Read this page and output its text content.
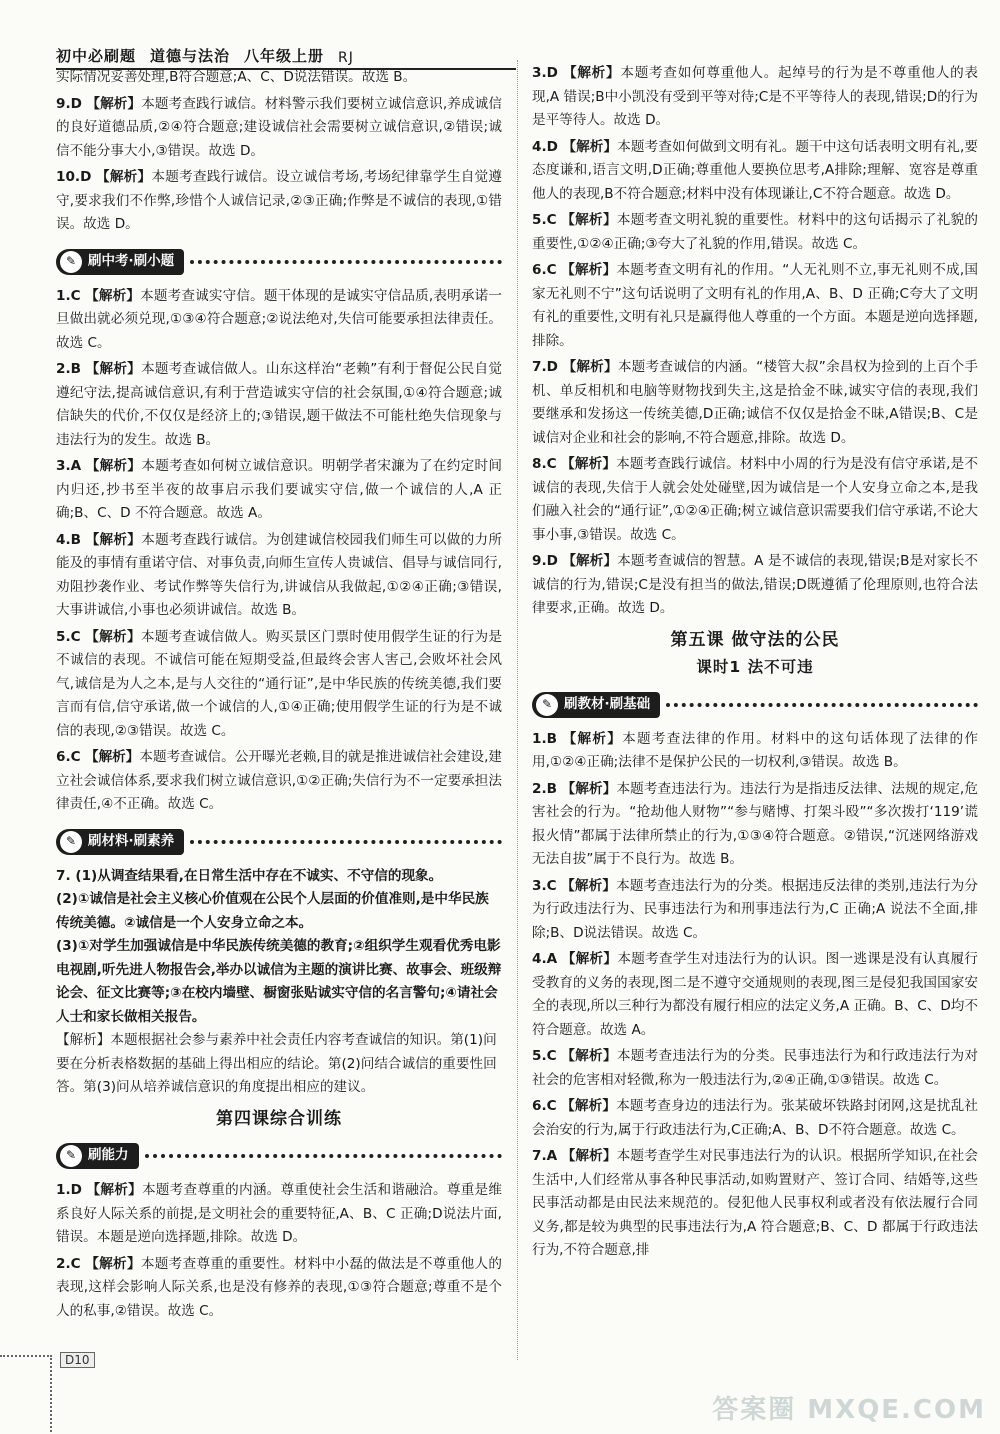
初中必刷题 道德与法治 八年级上册 RJ

实际情况妥善处理,B符合题意;A、C、D说法错误。故选 B。

9.D 【解析】本题考查践行诚信。材料警示我们要树立诚信意识,养成诚信的良好道德品质,②④符合题意;建设诚信社会需要树立诚信意识,②错误;诚信不能分事大小,③错误。故选 D。

10.D 【解析】本题考查践行诚信。设立诚信考场,考场纪律靠学生自觉遵守,要求我们不作弊,珍惜个人诚信记录,②③正确;作弊是不诚信的表现,①错误。故选 D。

✎ 刷中考·刷小题

1.C 【解析】本题考查诚实守信。题干体现的是诚实守信品质,表明承诺一旦做出就必须兑现,①③④符合题意;②说法绝对,失信可能要承担法律责任。故选 C。

2.B 【解析】本题考查诚信做人。山东这样治“老赖”有利于督促公民自觉遵纪守法,提高诚信意识,有利于营造诚实守信的社会氛围,①④符合题意;诚信缺失的代价,不仅仅是经济上的;③错误,题干做法不可能杜绝失信现象与违法行为的发生。故选 B。

3.A 【解析】本题考查如何树立诚信意识。明朝学者宋濂为了在约定时间内归还,抄书至半夜的故事启示我们要诚实守信,做一个诚信的人,A 正确;B、C、D 不符合题意。故选 A。

4.B 【解析】本题考查践行诚信。为创建诚信校园我们师生可以做的力所能及的事情有重诺守信、对事负责,向师生宣传人贵诚信、倡导与诚信同行,劝阻抄袭作业、考试作弊等失信行为,讲诚信从我做起,①②④正确;③错误,大事讲诚信,小事也必须讲诚信。故选 B。

5.C 【解析】本题考查诚信做人。购买景区门票时使用假学生证的行为是不诚信的表现。不诚信可能在短期受益,但最终会害人害己,会败坏社会风气,诚信是为人之本,是与人交往的“通行证”,是中华民族的传统美德,我们要言而有信,信守承诺,做一个诚信的人,①④正确;使用假学生证的行为是不诚信的表现,②③错误。故选 C。

6.C 【解析】本题考查诚信。公开曝光老赖,目的就是推进诚信社会建设,建立社会诚信体系,要求我们树立诚信意识,①②正确;失信行为不一定要承担法律责任,④不正确。故选 C。

✎ 刷材料·刷素养

7. (1)从调查结果看,在日常生活中存在不诚实、不守信的现象。

(2)①诚信是社会主义核心价值观在公民个人层面的价值准则,是中华民族传统美德。②诚信是一个人安身立命之本。

(3)①对学生加强诚信是中华民族传统美德的教育;②组织学生观看优秀电影电视剧,听先进人物报告会,举办以诚信为主题的演讲比赛、故事会、班级辩论会、征文比赛等;③在校内墙壁、橱窗张贴诚实守信的名言警句;④请社会人士和家长做相关报告。

【解析】本题根据社会参与素养中社会责任内容考查诚信的知识。第(1)问要在分析表格数据的基础上得出相应的结论。第(2)问结合诚信的重要性回答。第(3)问从培养诚信意识的角度提出相应的建议。

第四课综合训练
✎ 刷能力

1.D 【解析】本题考查尊重的内涵。尊重使社会生活和谐融洽。尊重是维系良好人际关系的前提,是文明社会的重要特征,A、B、C 正确;D说法片面,错误。本题是逆向选择题,排除。故选 D。

2.C 【解析】本题考查尊重的重要性。材料中小磊的做法是不尊重他人的表现,这样会影响人际关系,也是没有修养的表现,①③符合题意;尊重不是个人的私事,②错误。故选 C。

3.D 【解析】本题考查如何尊重他人。起绰号的行为是不尊重他人的表现,A 错误;B中小凯没有受到平等对待;C是不平等待人的表现,错误;D的行为是平等待人。故选 D。

4.D 【解析】本题考查如何做到文明有礼。题干中这句话表明文明有礼,要态度谦和,语言文明,D正确;尊重他人要换位思考,A排除;理解、宽容是尊重他人的表现,B不符合题意;材料中没有体现谦让,C不符合题意。故选 D。

5.C 【解析】本题考查文明礼貌的重要性。材料中的这句话揭示了礼貌的重要性,①②④正确;③夸大了礼貌的作用,错误。故选 C。

6.C 【解析】本题考查文明有礼的作用。“人无礼则不立,事无礼则不成,国家无礼则不宁”这句话说明了文明有礼的作用,A、B、D 正确;C夸大了文明有礼的重要性,文明有礼只是赢得他人尊重的一个方面。本题是逆向选择题,排除。

7.D 【解析】本题考查诚信的内涵。“楼管大叔”余昌权为捡到的上百个手机、单反相机和电脑等财物找到失主,这是拾金不昧,诚实守信的表现,我们要继承和发扬这一传统美德,D正确;诚信不仅仅是拾金不昧,A错误;B、C是诚信对企业和社会的影响,不符合题意,排除。故选 D。

8.C 【解析】本题考查践行诚信。材料中小周的行为是没有信守承诺,是不诚信的表现,失信于人就会处处碰壁,因为诚信是一个人安身立命之本,是我们融入社会的“通行证”,①②④正确;树立诚信意识需要我们信守承诺,不论大事小事,③错误。故选 C。

9.D 【解析】本题考查诚信的智慧。A 是不诚信的表现,错误;B是对家长不诚信的行为,错误;C是没有担当的做法,错误;D既遵循了伦理原则,也符合法律要求,正确。故选 D。

第五课 做守法的公民
课时1 法不可违
✎ 刷教材·刷基础

1.B 【解析】本题考查法律的作用。材料中的这句话体现了法律的作用,①②④正确;法律不是保护公民的一切权利,③错误。故选 B。

2.B 【解析】本题考查违法行为。违法行为是指违反法律、法规的规定,危害社会的行为。“抢劫他人财物”“参与赌博、打架斗殴”“多次拨打‘119’谎报火情”都属于法律所禁止的行为,①③④符合题意。②错误,“沉迷网络游戏无法自拔”属于不良行为。故选 B。

3.C 【解析】本题考查违法行为的分类。根据违反法律的类别,违法行为分为行政违法行为、民事违法行为和刑事违法行为,C 正确;A 说法不全面,排除;B、D说法错误。故选 C。

4.A 【解析】本题考查学生对违法行为的认识。图一逃课是没有认真履行受教育的义务的表现,图二是不遵守交通规则的表现,图三是侵犯我国国家安全的表现,所以三种行为都没有履行相应的法定义务,A 正确。B、C、D均不符合题意。故选 A。

5.C 【解析】本题考查违法行为的分类。民事违法行为和行政违法行为对社会的危害相对轻微,称为一般违法行为,②④正确,①③错误。故选 C。

6.C 【解析】本题考查身边的违法行为。张某破坏铁路封闭网,这是扰乱社会治安的行为,属于行政违法行为,C正确;A、B、D不符合题意。故选 C。

7.A 【解析】本题考查学生对民事违法行为的认识。根据所学知识,在社会生活中,人们经常从事各种民事活动,如购置财产、签订合同、结婚等,这些民事活动都是由民法来规范的。侵犯他人民事权利或者没有依法履行合同义务,都是较为典型的民事违法行为,A 符合题意;B、C、D 都属于行政违法行为,不符合题意,排

D10
答案圈 MXQE.COM
